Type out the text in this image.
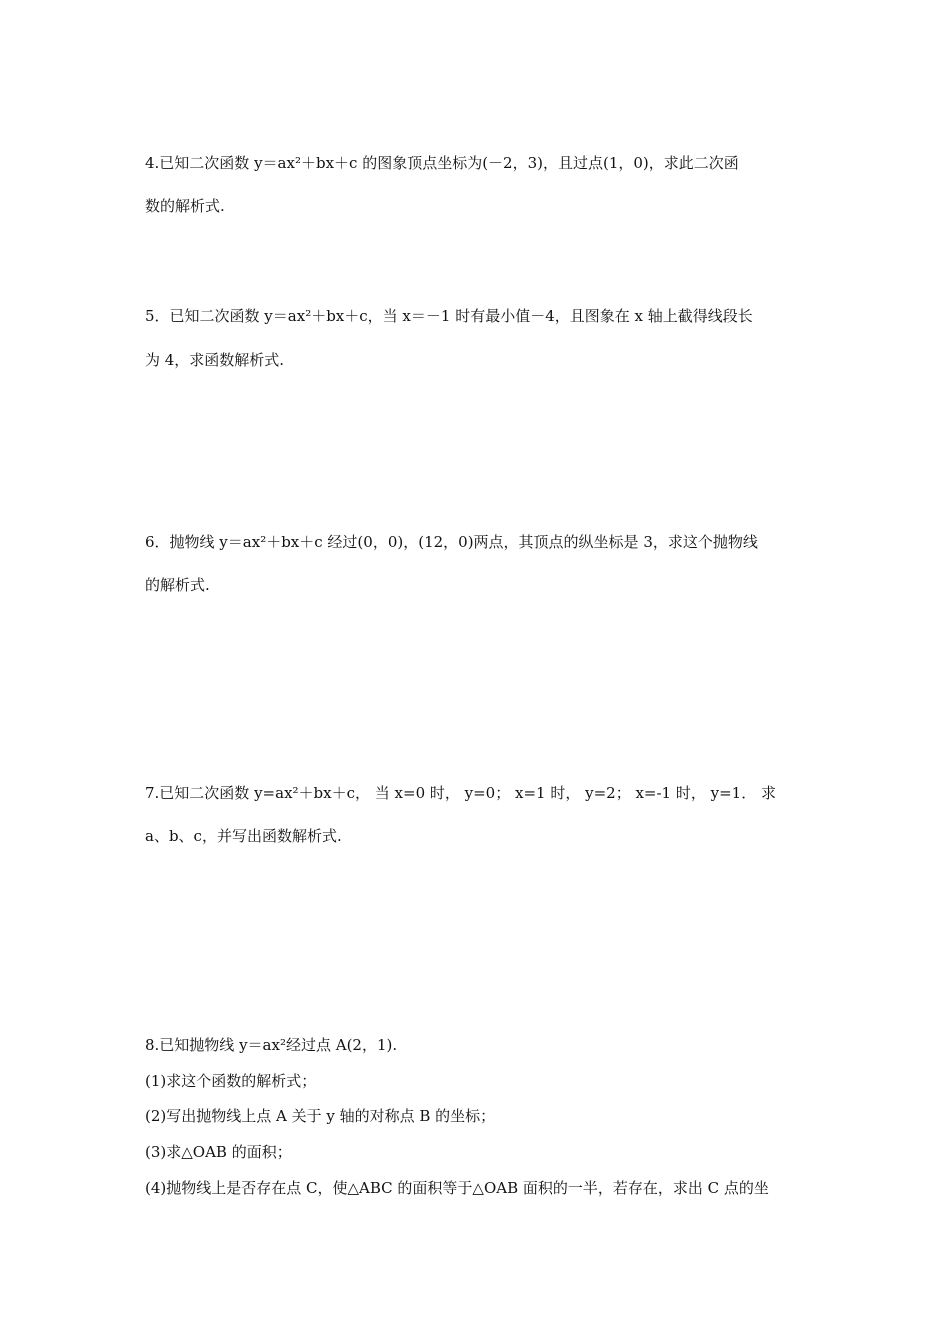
4.已知二次函数 y＝ax²＋bx＋c 的图象顶点坐标为(－2，3)，且过点(1，0)，求此二次函
数的解析式.
5．已知二次函数 y＝ax²＋bx＋c，当 x＝－1 时有最小值－4，且图象在 x 轴上截得线段长
为 4，求函数解析式.
6．抛物线 y＝ax²＋bx＋c 经过(0，0)，(12，0)两点，其顶点的纵坐标是 3，求这个抛物线
的解析式.
7.已知二次函数 y=ax²＋bx＋c， 当 x=0 时， y=0； x=1 时， y=2； x=-1 时， y=1． 求
a、b、c，并写出函数解析式.
8.已知抛物线 y＝ax²经过点 A(2，1).
(1)求这个函数的解析式；
(2)写出抛物线上点 A 关于 y 轴的对称点 B 的坐标；
(3)求△OAB 的面积；
(4)抛物线上是否存在点 C，使△ABC 的面积等于△OAB 面积的一半，若存在，求出 C 点的坐
